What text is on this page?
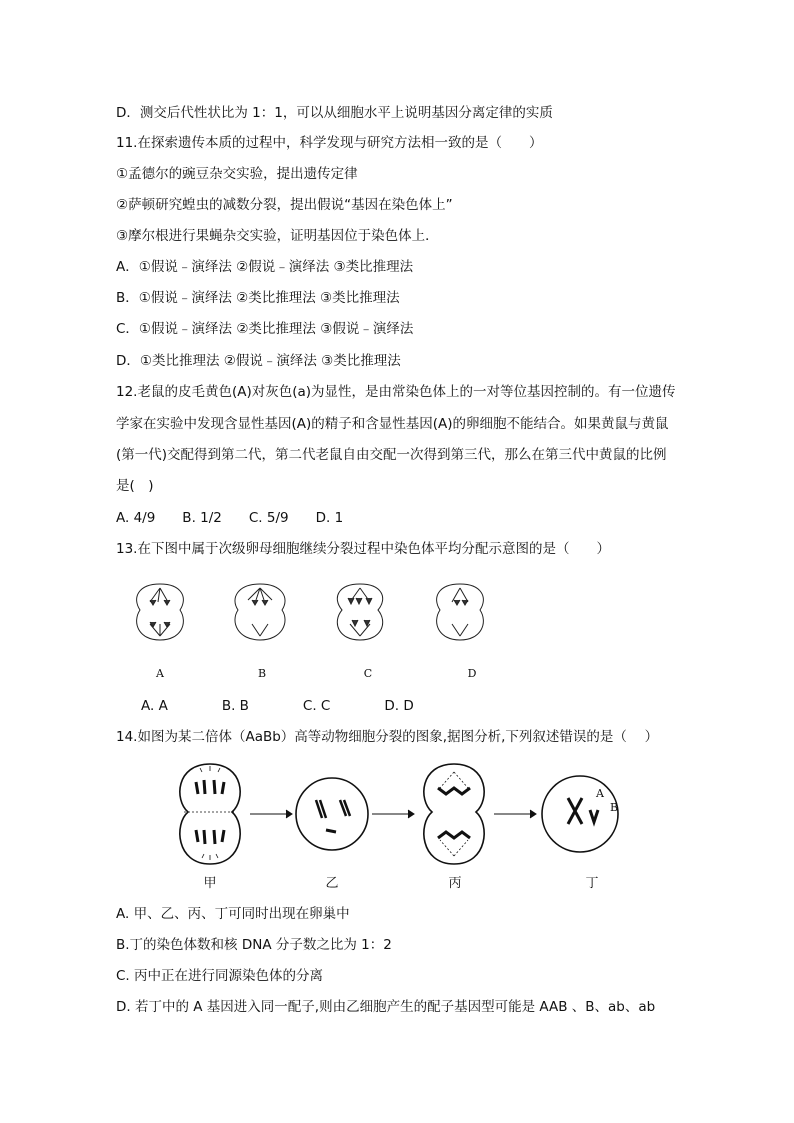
D．测交后代性状比为 1：1，可以从细胞水平上说明基因分离定律的实质
11.在探索遗传本质的过程中，科学发现与研究方法相一致的是（　　）
①孟德尔的豌豆杂交实验，提出遗传定律
②萨顿研究蝗虫的减数分裂，提出假说“基因在染色体上”
③摩尔根进行果蝇杂交实验，证明基因位于染色体上．
A．①假说﹣演绎法 ②假说﹣演绎法 ③类比推理法
B．①假说﹣演绎法 ②类比推理法 ③类比推理法
C．①假说﹣演绎法 ②类比推理法 ③假说﹣演绎法
D．①类比推理法 ②假说﹣演绎法 ③类比推理法
12.老鼠的皮毛黄色(A)对灰色(a)为显性，是由常染色体上的一对等位基因控制的。有一位遗传
学家在实验中发现含显性基因(A)的精子和含显性基因(A)的卵细胞不能结合。如果黄鼠与黄鼠
(第一代)交配得到第二代，第二代老鼠自由交配一次得到第三代，那么在第三代中黄鼠的比例
是(　)
A. 4/9　　B. 1/2　　C. 5/9　　D. 1
13.在下图中属于次级卵母细胞继续分裂过程中染色体平均分配示意图的是（　　）
A	B	C	D
A. A　　　　B. B　　　　C. C　　　　D. D
14.如图为某二倍体（AaBb）高等动物细胞分裂的图象,据图分析,下列叙述错误的是（　 ）
A
B
甲	乙	丙	丁
A. 甲、乙、丙、丁可同时出现在卵巢中
B.丁的染色体数和核 DNA 分子数之比为 1：2
C. 丙中正在进行同源染色体的分离
D. 若丁中的 A 基因进入同一配子,则由乙细胞产生的配子基因型可能是 AAB 、B、ab、ab
